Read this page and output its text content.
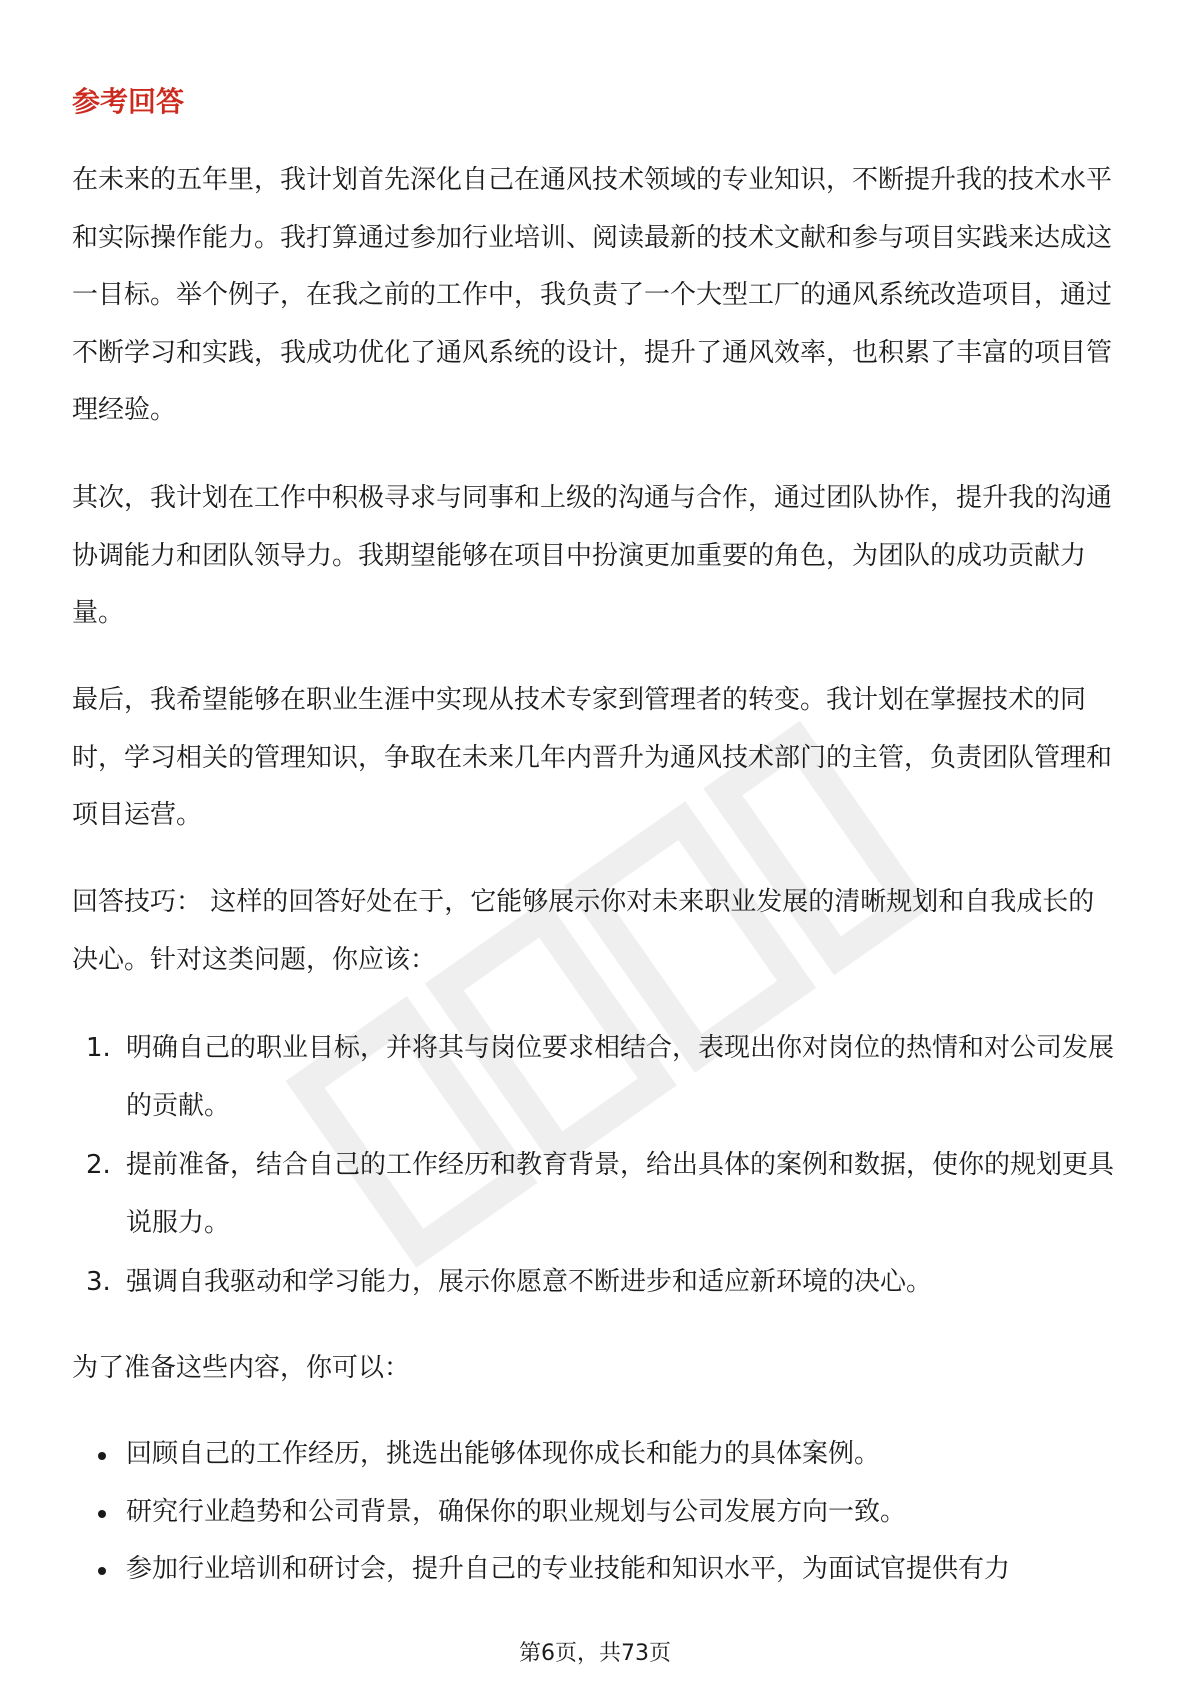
参考回答

在未来的五年里，我计划首先深化自己在通风技术领域的专业知识，不断提升我的技术水平和实际操作能力。我打算通过参加行业培训、阅读最新的技术文献和参与项目实践来达成这一目标。举个例子，在我之前的工作中，我负责了一个大型工厂的通风系统改造项目，通过不断学习和实践，我成功优化了通风系统的设计，提升了通风效率，也积累了丰富的项目管理经验。

其次，我计划在工作中积极寻求与同事和上级的沟通与合作，通过团队协作，提升我的沟通协调能力和团队领导力。我期望能够在项目中扮演更加重要的角色，为团队的成功贡献力量。

最后，我希望能够在职业生涯中实现从技术专家到管理者的转变。我计划在掌握技术的同时，学习相关的管理知识，争取在未来几年内晋升为通风技术部门的主管，负责团队管理和项目运营。

回答技巧： 这样的回答好处在于，它能够展示你对未来职业发展的清晰规划和自我成长的决心。针对这类问题，你应该：

1. 明确自己的职业目标，并将其与岗位要求相结合，表现出你对岗位的热情和对公司发展的贡献。
2. 提前准备，结合自己的工作经历和教育背景，给出具体的案例和数据，使你的规划更具说服力。
3. 强调自我驱动和学习能力，展示你愿意不断进步和适应新环境的决心。

为了准备这些内容，你可以：

回顾自己的工作经历，挑选出能够体现你成长和能力的具体案例。
研究行业趋势和公司背景，确保你的职业规划与公司发展方向一致。
参加行业培训和研讨会，提升自己的专业技能和知识水平，为面试官提供有力
第6页，共73页
